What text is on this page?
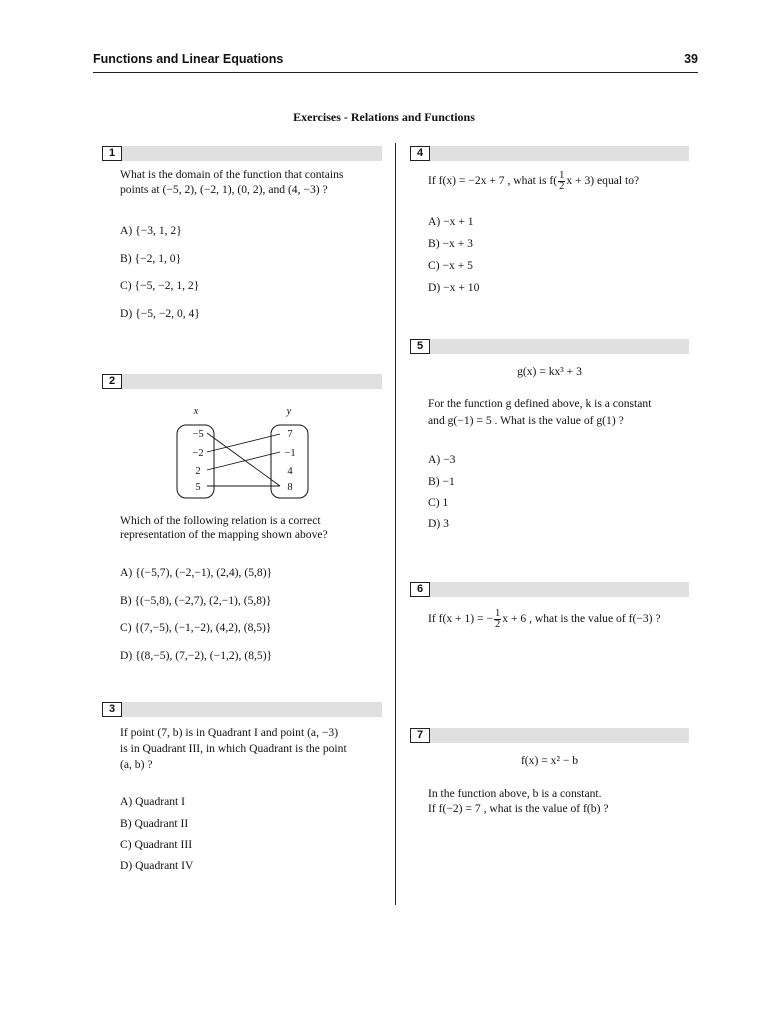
Functions and Linear Equations	39
Exercises - Relations and Functions
1
What is the domain of the function that contains
points at (−5, 2), (−2, 1), (0, 2), and (4, −3) ?
A) {−3, 1, 2}
B) {−2, 1, 0}
C) {−5, −2, 1, 2}
D) {−5, −2, 0, 4}
2
x	y
−5
−2
2
5
7
−1
4
8
Which of the following relation is a correct
representation of the mapping shown above?
A) {(−5,7), (−2,−1), (2,4), (5,8)}
B) {(−5,8), (−2,7), (2,−1), (5,8)}
C) {(7,−5), (−1,−2), (4,2), (8,5)}
D) {(8,−5), (7,−2), (−1,2), (8,5)}
3
If point (7, b) is in Quadrant I and point (a, −3)
is in Quadrant III, in which Quadrant is the point
(a, b) ?
A) Quadrant I
B) Quadrant II
C) Quadrant III
D) Quadrant IV
4
If f(x) = −2x + 7 , what is $f( \frac{1}{2}$ x + 3) equal to?
A) −x + 1
B) −x + 3
C) −x + 5
D) −x + 10
5
g(x) = kx³ + 3
For the function g defined above, k is a constant
and g(−1) = 5 . What is the value of g(1) ?
A) −3
B) −1
C) 1
D) 3
6
If f(x + 1) = − $\frac{1}{2}$ x + 6 , what is the value of f(−3) ?
7
f(x) = x² − b
In the function above, b is a constant.
If f(−2) = 7 , what is the value of f(b) ?
